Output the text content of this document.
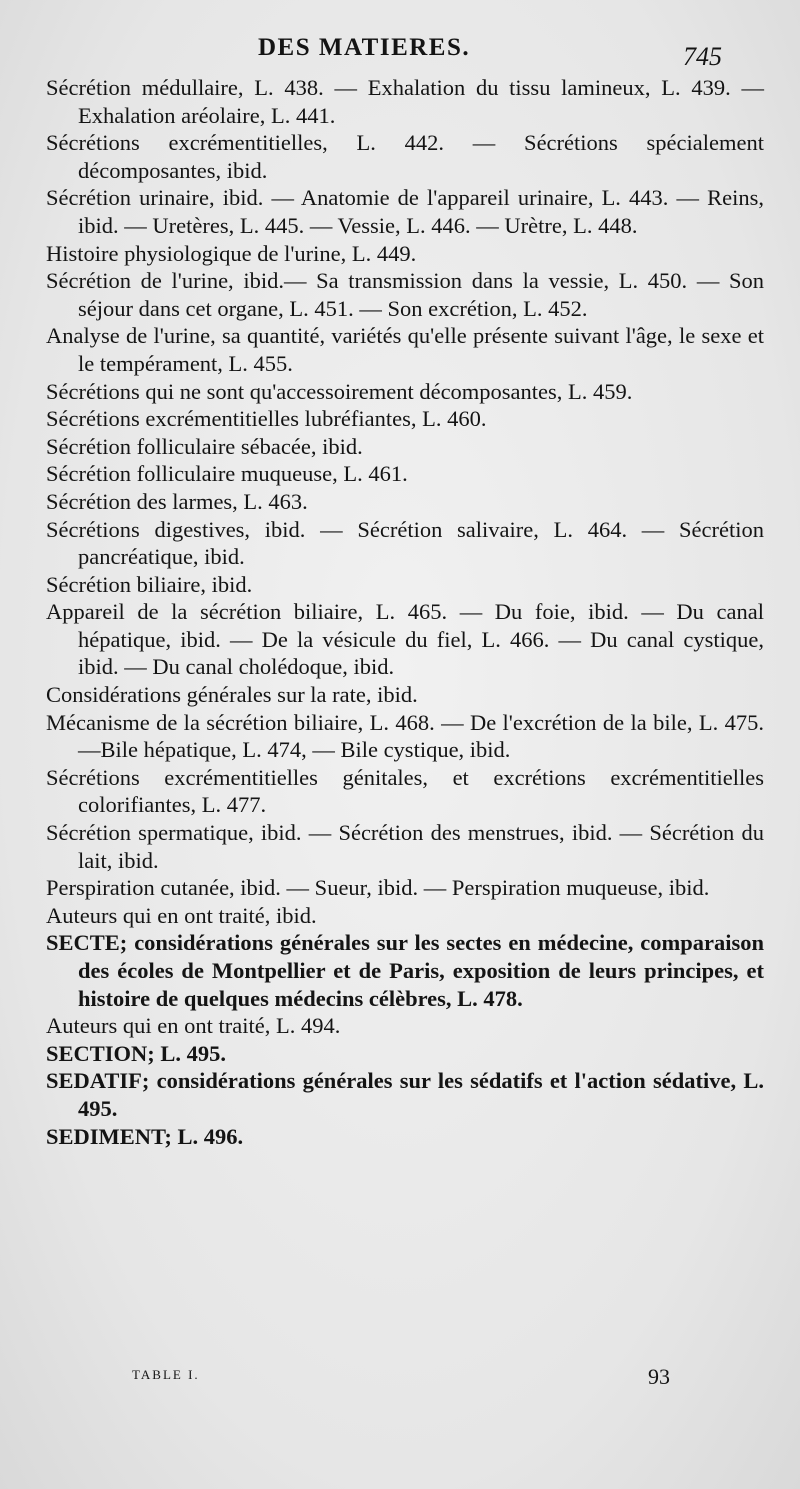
DES MATIERES.	745

Sécrétion médullaire, L. 438. — Exhalation du tissu lamineux, L. 439. — Exhalation aréolaire, L. 441.

Sécrétions excrémentitielles, L. 442. — Sécrétions spécialement décomposantes, ibid.

Sécrétion urinaire, ibid. — Anatomie de l'appareil urinaire, L. 443. — Reins, ibid. — Uretères, L. 445. — Vessie, L. 446. — Urètre, L. 448.

Histoire physiologique de l'urine, L. 449.

Sécrétion de l'urine, ibid.— Sa transmission dans la vessie, L. 450. — Son séjour dans cet organe, L. 451. — Son excrétion, L. 452.

Analyse de l'urine, sa quantité, variétés qu'elle présente suivant l'âge, le sexe et le tempérament, L. 455.

Sécrétions qui ne sont qu'accessoirement décomposantes, L. 459.

Sécrétions excrémentitielles lubréfiantes, L. 460.

Sécrétion folliculaire sébacée, ibid.

Sécrétion folliculaire muqueuse, L. 461.

Sécrétion des larmes, L. 463.

Sécrétions digestives, ibid. — Sécrétion salivaire, L. 464. — Sécrétion pancréatique, ibid.

Sécrétion biliaire, ibid.

Appareil de la sécrétion biliaire, L. 465. — Du foie, ibid. — Du canal hépatique, ibid. — De la vésicule du fiel, L. 466. — Du canal cystique, ibid. — Du canal cholédoque, ibid.

Considérations générales sur la rate, ibid.

Mécanisme de la sécrétion biliaire, L. 468. — De l'excrétion de la bile, L. 475.—Bile hépatique, L. 474, — Bile cystique, ibid.

Sécrétions excrémentitielles génitales, et excrétions excrémentitielles colorifiantes, L. 477.

Sécrétion spermatique, ibid. — Sécrétion des menstrues, ibid. — Sécrétion du lait, ibid.

Perspiration cutanée, ibid. — Sueur, ibid. — Perspiration muqueuse, ibid.

Auteurs qui en ont traité, ibid.

SECTE; considérations générales sur les sectes en médecine, comparaison des écoles de Montpellier et de Paris, exposition de leurs principes, et histoire de quelques médecins célèbres, L. 478.

Auteurs qui en ont traité, L. 494.

SECTION; L. 495.

SEDATIF; considérations générales sur les sédatifs et l'action sédative, L. 495.

SEDIMENT; L. 496.

TABLE I.	93
